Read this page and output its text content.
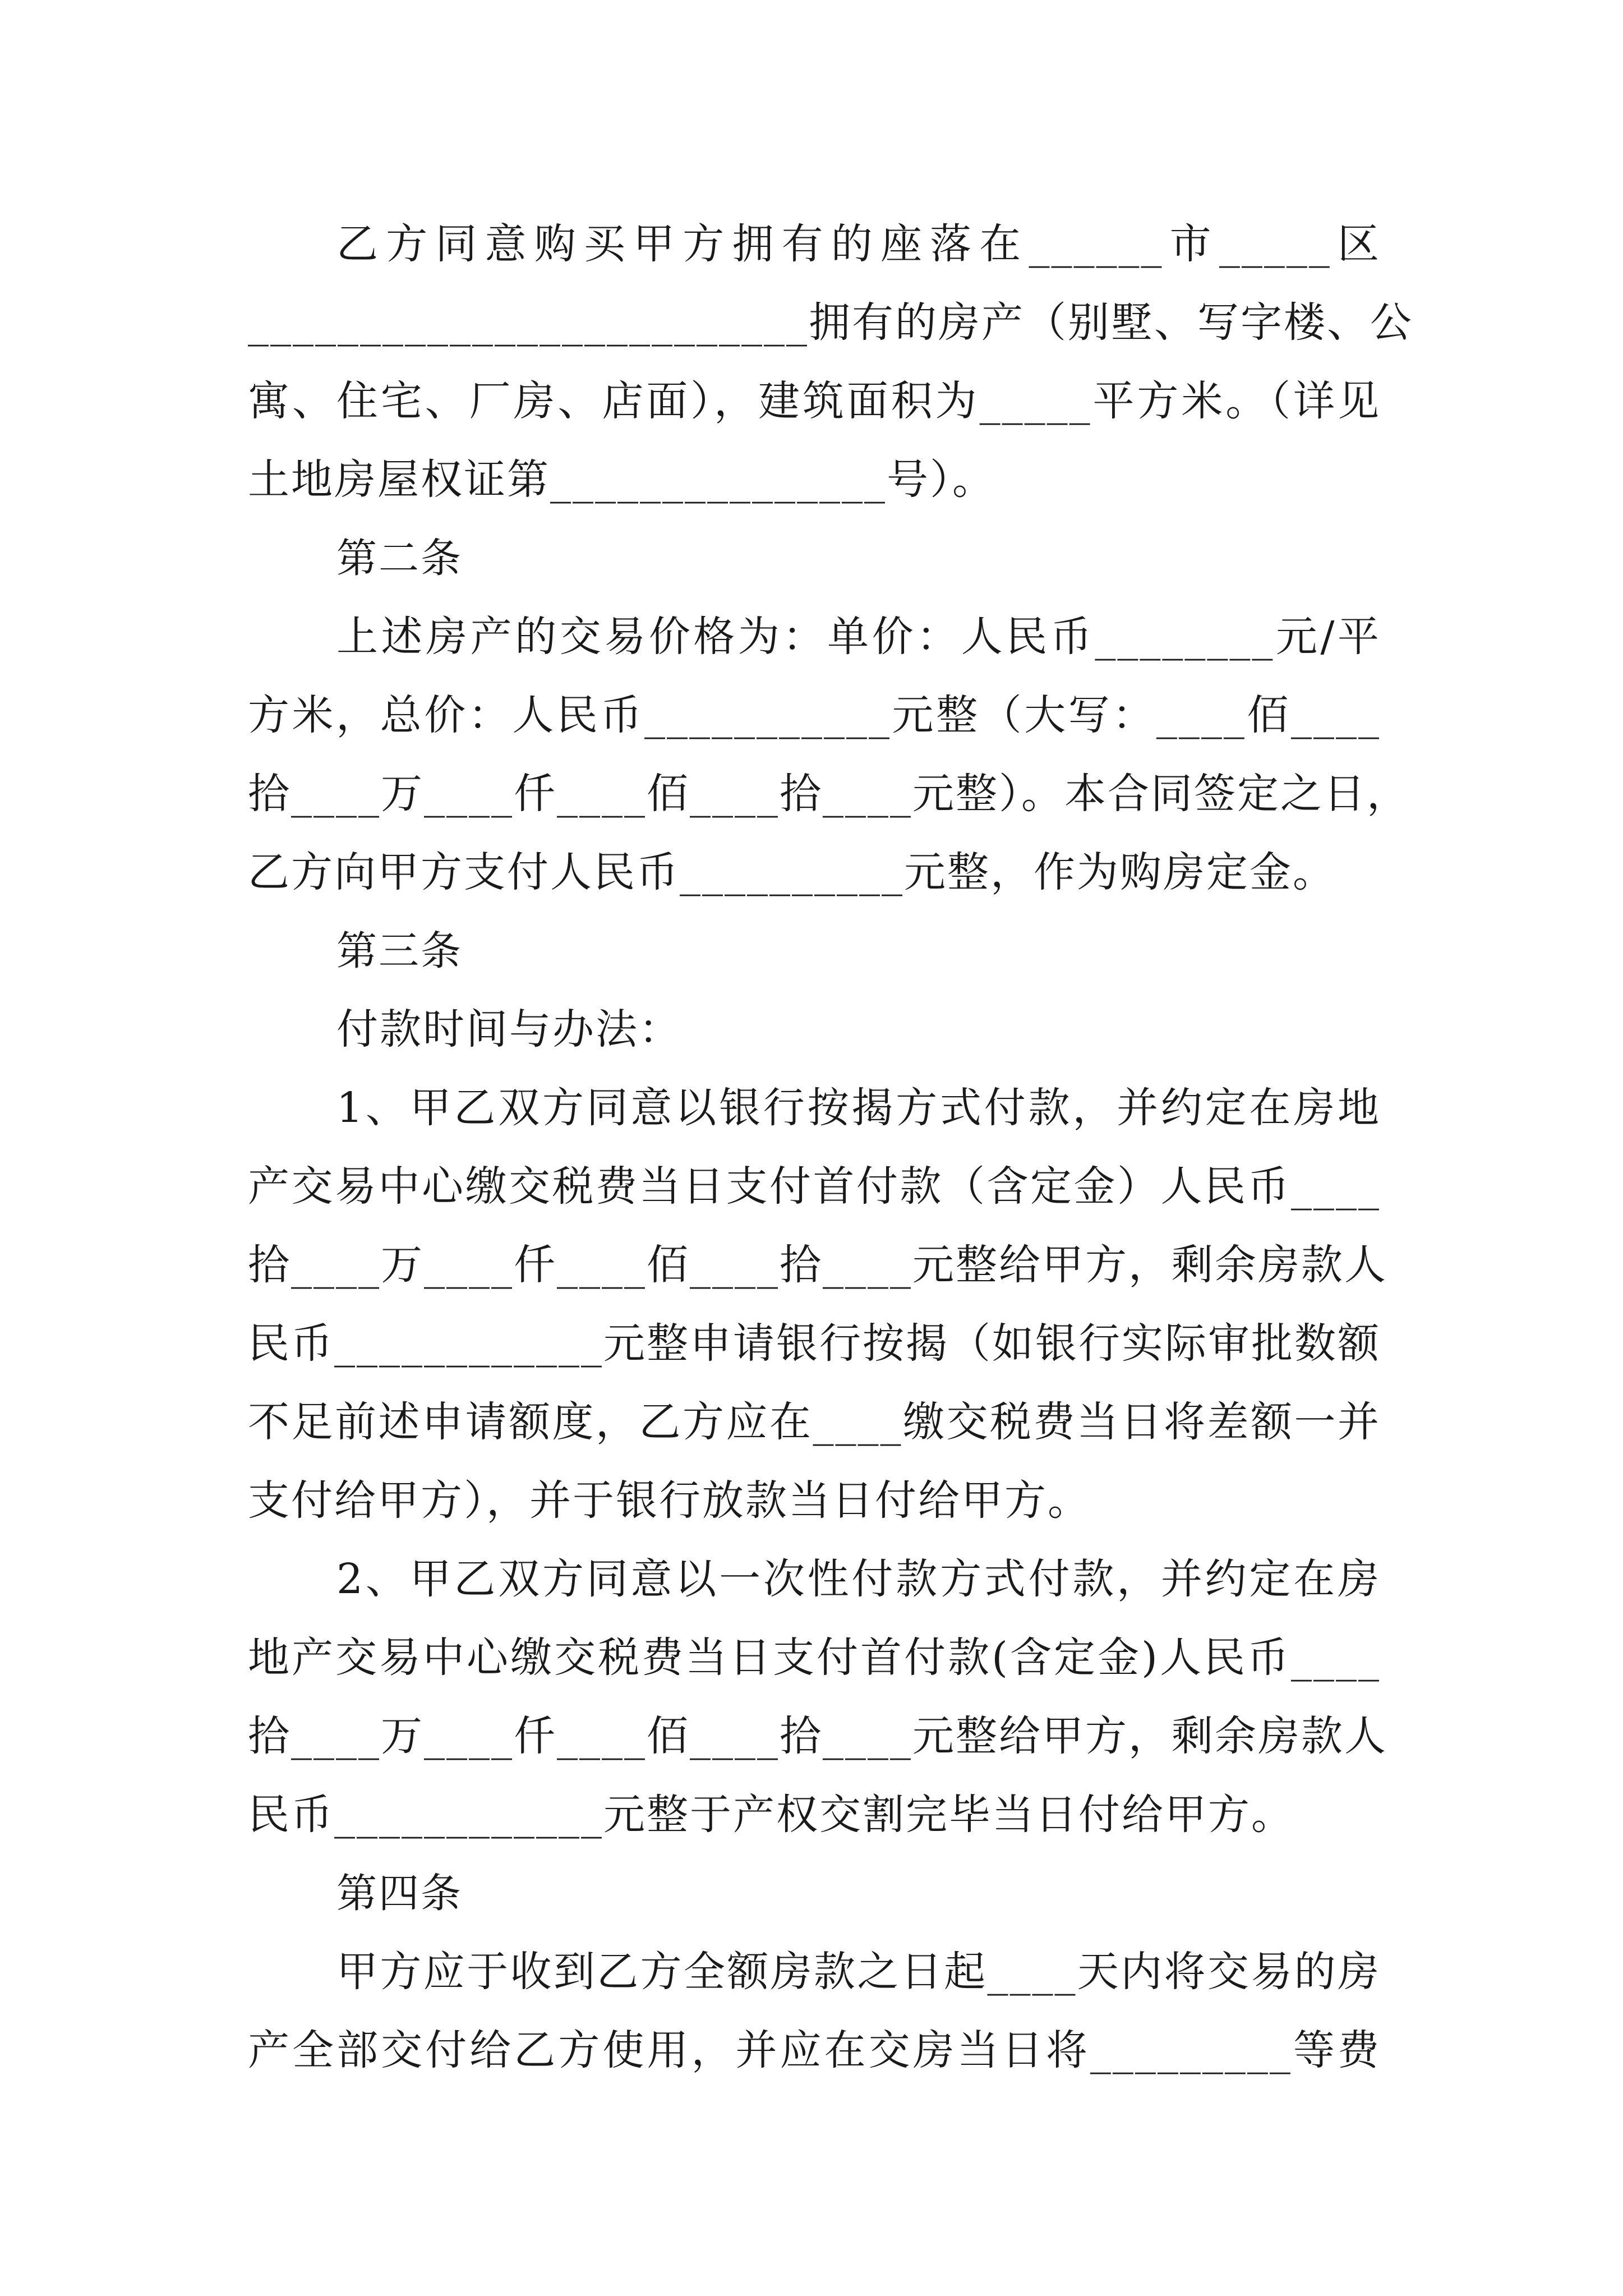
乙方同意购买甲方拥有的座落在______市_____区
_________________________拥有的房产（别墅、写字楼、公
寓、住宅、厂房、店面），建筑面积为_____平方米。（详见
土地房屋权证第_______________号）。
第二条
上述房产的交易价格为：单价：人民币________元/平
方米，总价：人民币___________元整（大写：____佰____
拾____万____仟____佰____拾____元整）。本合同签定之日，
乙方向甲方支付人民币__________元整，作为购房定金。
第三条
付款时间与办法：
1、甲乙双方同意以银行按揭方式付款，并约定在房地
产交易中心缴交税费当日支付首付款（含定金）人民币____
拾____万____仟____佰____拾____元整给甲方，剩余房款人
民币____________元整申请银行按揭（如银行实际审批数额
不足前述申请额度，乙方应在____缴交税费当日将差额一并
支付给甲方），并于银行放款当日付给甲方。
2、甲乙双方同意以一次性付款方式付款，并约定在房
地产交易中心缴交税费当日支付首付款(含定金)人民币____
拾____万____仟____佰____拾____元整给甲方，剩余房款人
民币____________元整于产权交割完毕当日付给甲方。
第四条
甲方应于收到乙方全额房款之日起____天内将交易的房
产全部交付给乙方使用，并应在交房当日将_________等费
